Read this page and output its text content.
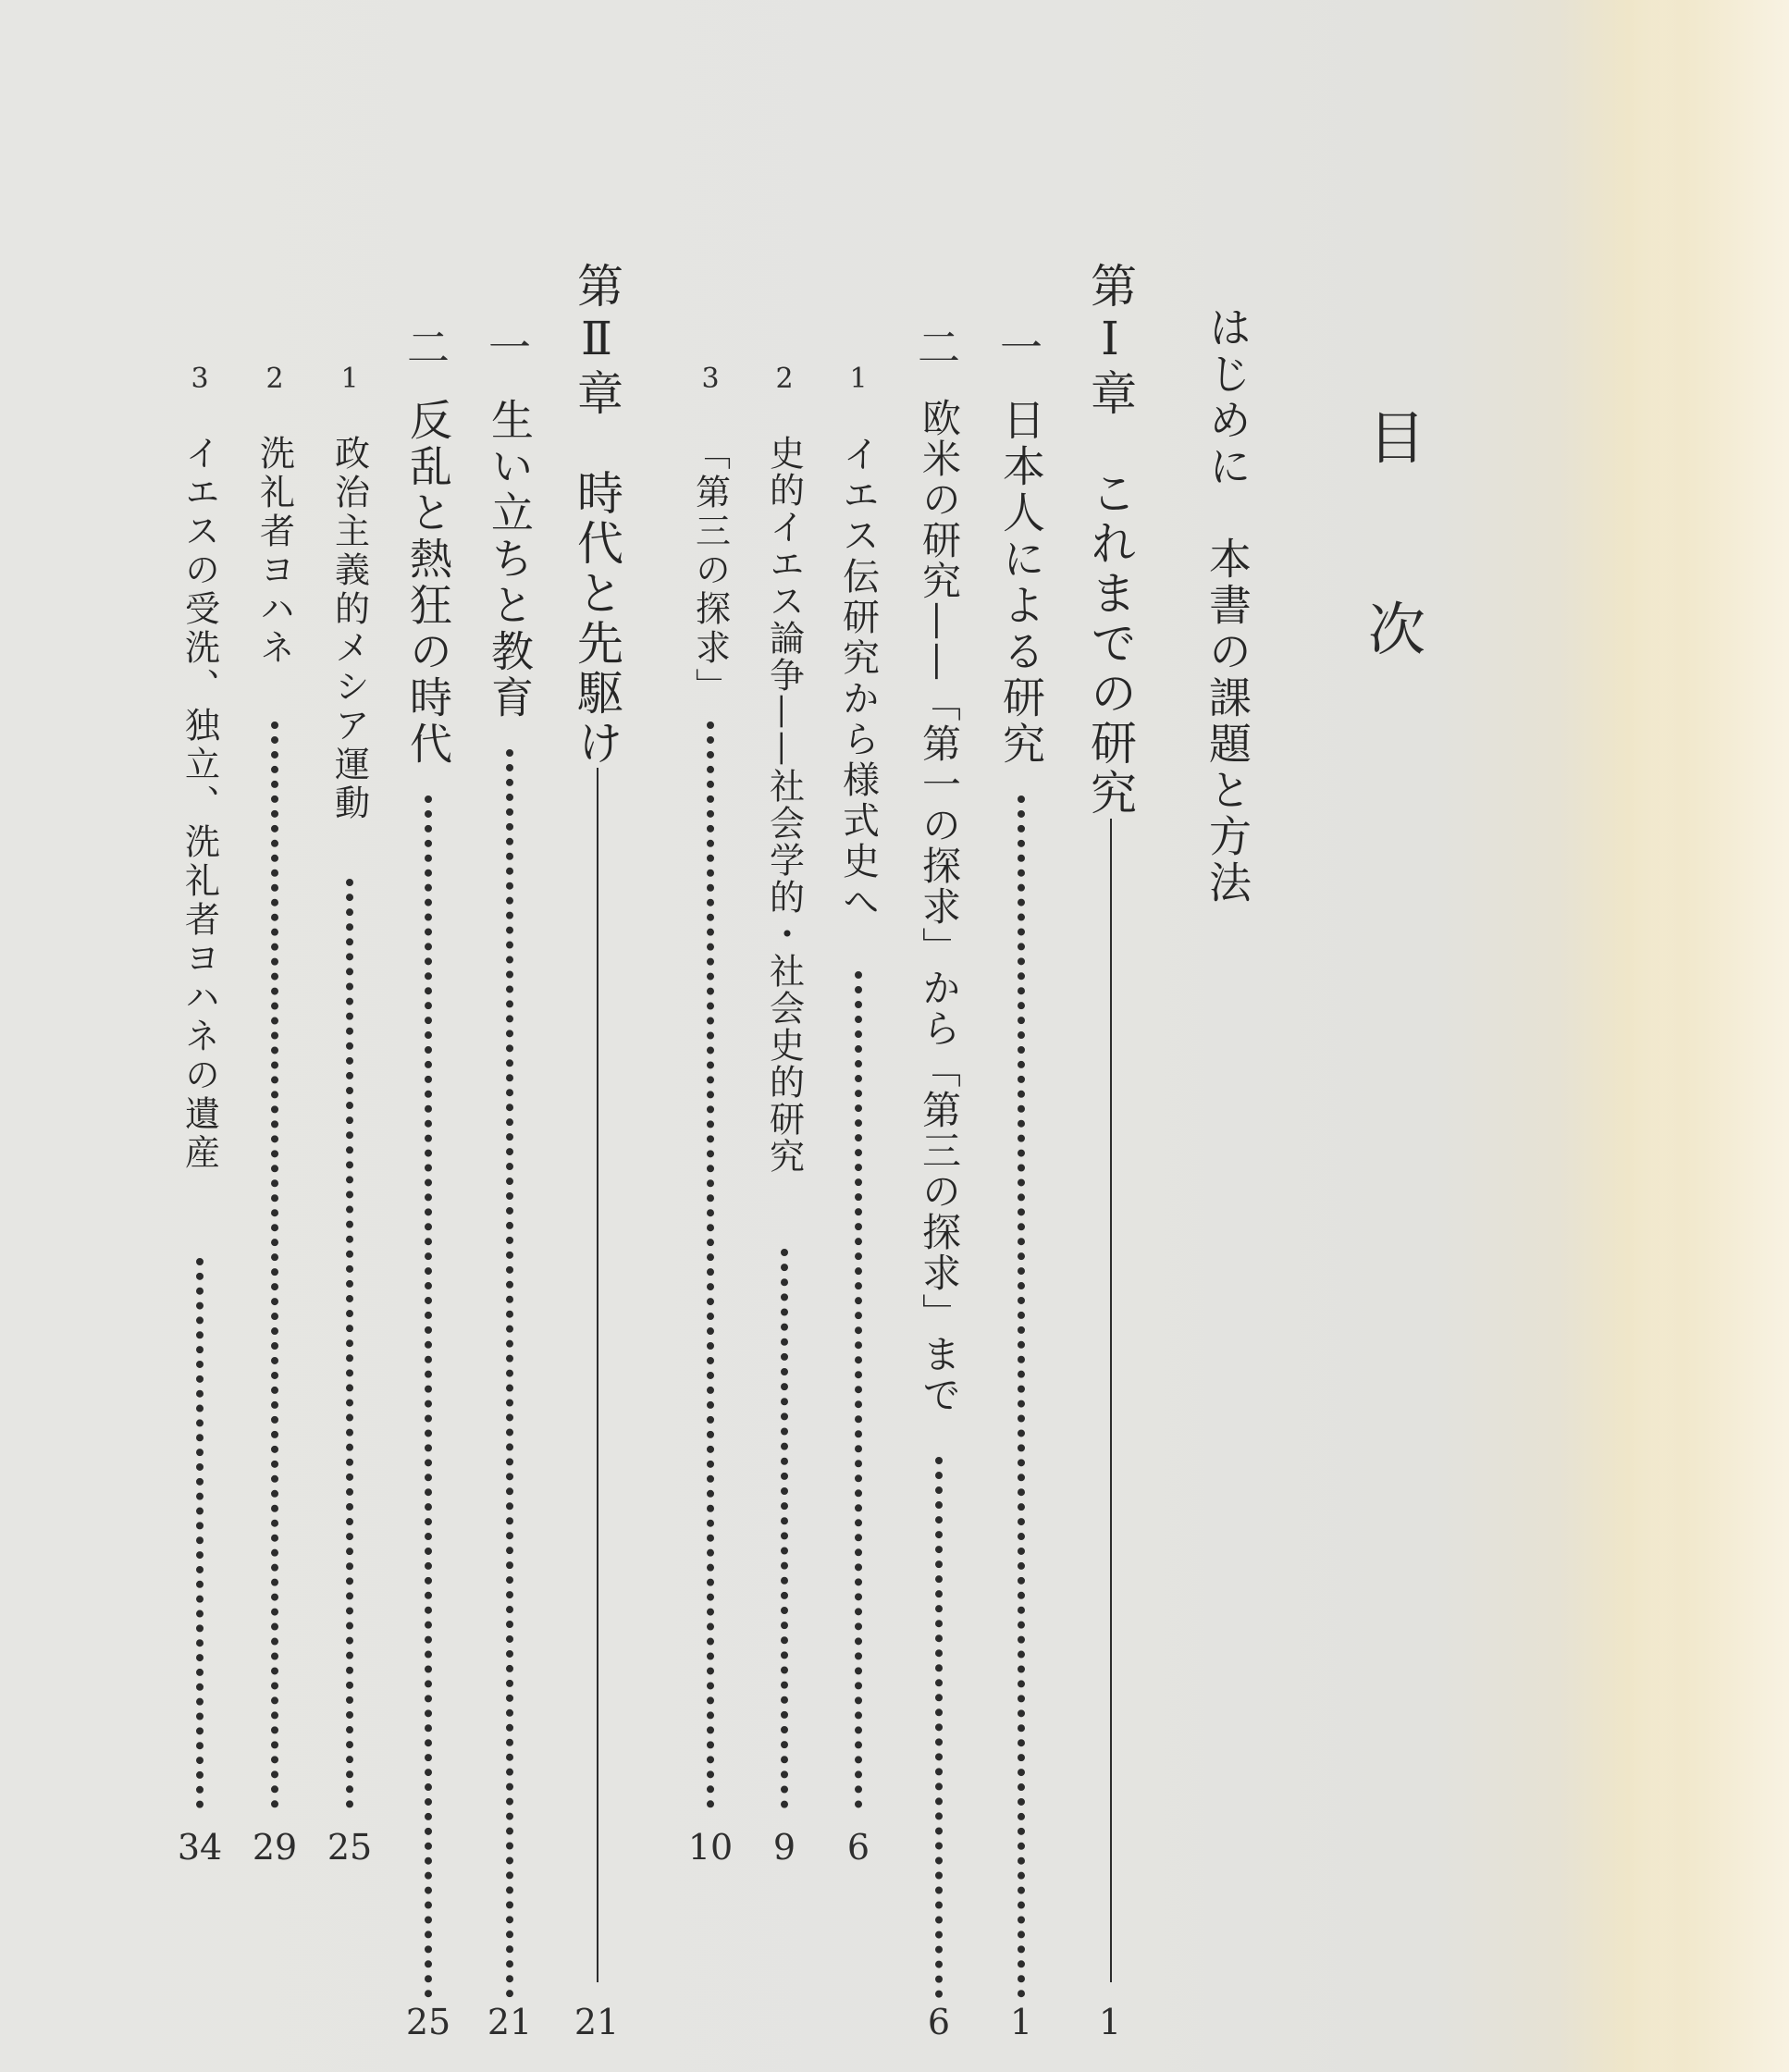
目
次
はじめに　本書の課題と方法
第Ⅰ章　これまでの研究
1
一
日本人による研究
1
二
欧米の研究——「第一の探求」から「第三の探求」まで
6
1
イエス伝研究から様式史へ
6
2
史的イエス論争——社会学的・社会史的研究
9
3
「第三の探求」
10
第Ⅱ章　時代と先駆け
21
一
生い立ちと教育
21
二
反乱と熱狂の時代
25
1
政治主義的メシア運動
25
2
洗礼者ヨハネ
29
3
イエスの受洗、独立、洗礼者ヨハネの遺産
34
